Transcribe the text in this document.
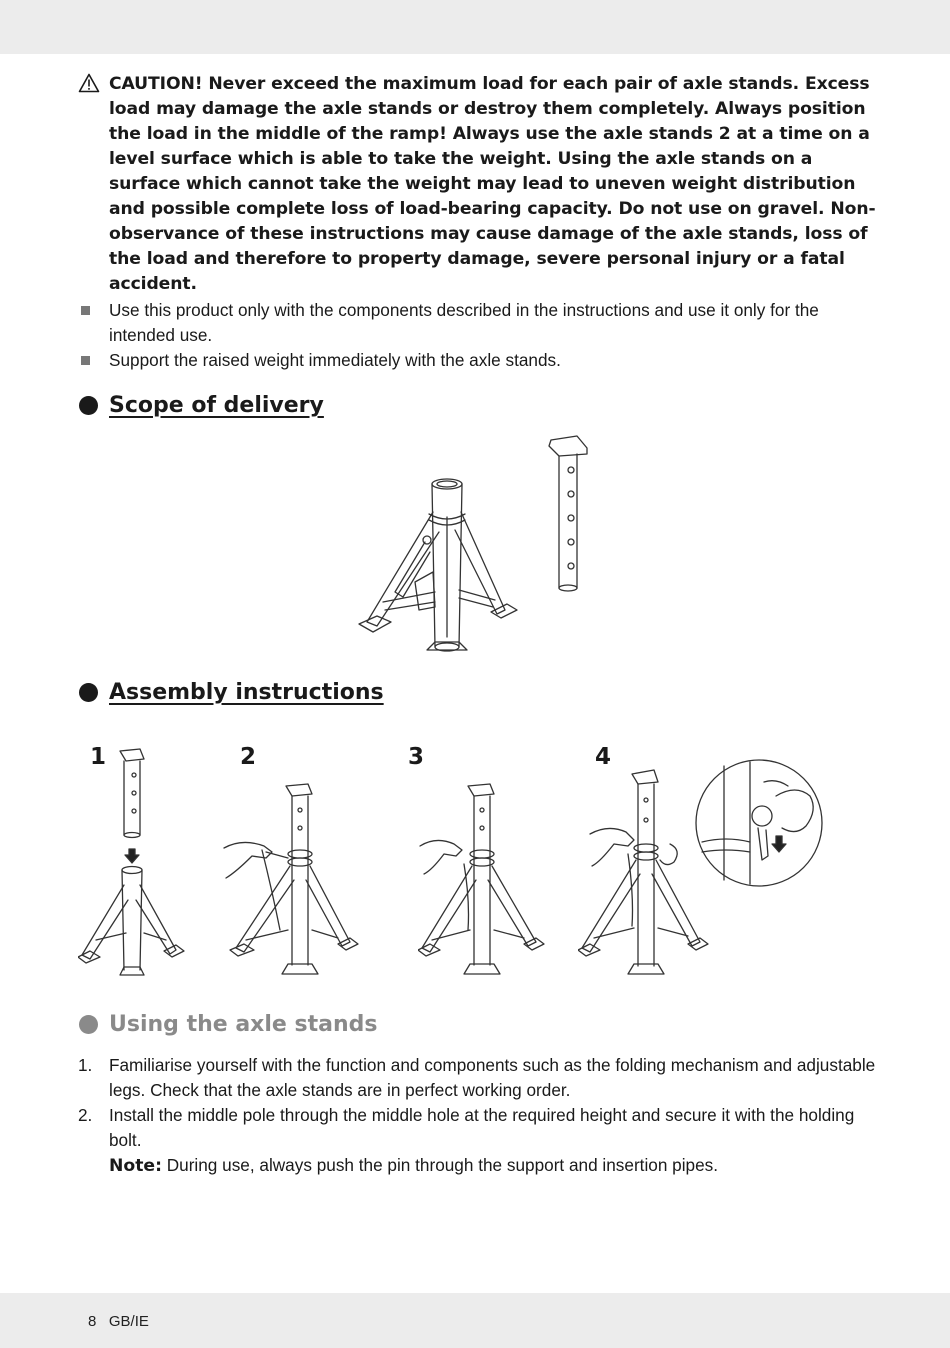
CAUTION! Never exceed the maximum load for each pair of axle stands. Excess load may damage the axle stands or destroy them completely. Always position the load in the middle of the ramp! Always use the axle stands 2 at a time on a level surface which is able to take the weight. Using the axle stands on a surface which cannot take the weight may lead to uneven weight distribution and possible complete loss of load-bearing capacity. Do not use on gravel. Non-observance of these instructions may cause damage of the axle stands, loss of the load and therefore to property damage, severe personal injury or a fatal accident.

Use this product only with the components described in the instructions and use it only for the intended use.
Support the raised weight immediately with the axle stands.
Scope of delivery
Assembly instructions
1	2	3	4
Using the axle stands
1. Familiarise yourself with the function and components such as the folding mechanism and adjustable legs. Check that the axle stands are in perfect working order.
2. Install the middle pole through the middle hole at the required height and secure it with the holding bolt.
Note: During use, always push the pin through the support and insertion pipes.
8 GB/IE
